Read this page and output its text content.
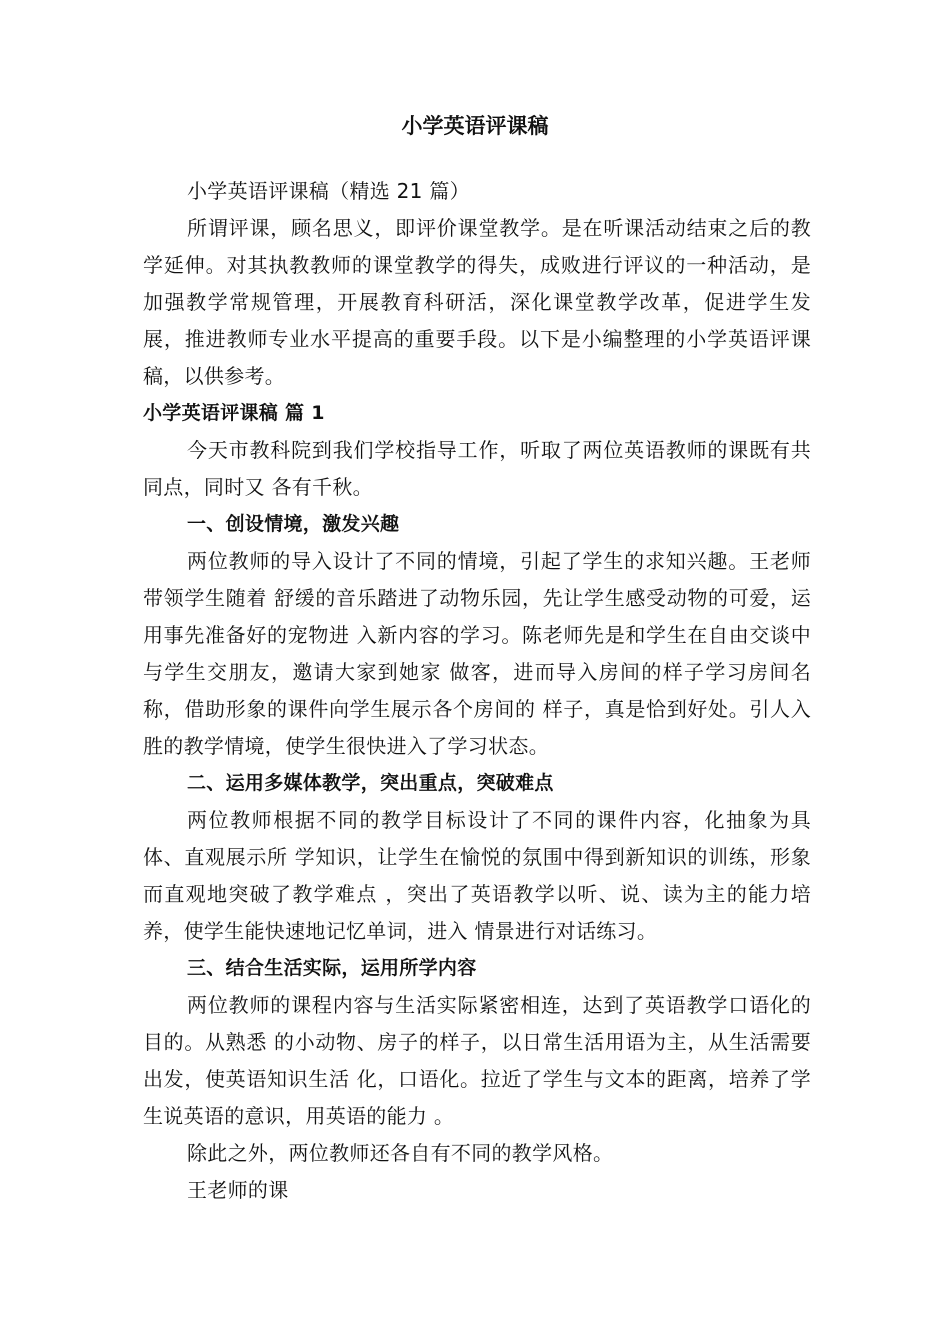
小学英语评课稿

小学英语评课稿（精选 21 篇）

所谓评课，顾名思义，即评价课堂教学。是在听课活动结束之后的教学延伸。对其执教教师的课堂教学的得失，成败进行评议的一种活动，是加强教学常规管理，开展教育科研活，深化课堂教学改革，促进学生发展，推进教师专业水平提高的重要手段。以下是小编整理的小学英语评课稿，以供参考。

小学英语评课稿 篇 1

今天市教科院到我们学校指导工作，听取了两位英语教师的课既有共同点，同时又 各有千秋。

一、创设情境，激发兴趣

两位教师的导入设计了不同的情境，引起了学生的求知兴趣。王老师带领学生随着 舒缓的音乐踏进了动物乐园，先让学生感受动物的可爱，运用事先准备好的宠物进 入新内容的学习。陈老师先是和学生在自由交谈中与学生交朋友，邀请大家到她家 做客，进而导入房间的样子学习房间名称，借助形象的课件向学生展示各个房间的 样子，真是恰到好处。引人入胜的教学情境，使学生很快进入了学习状态。

二、运用多媒体教学，突出重点，突破难点

两位教师根据不同的教学目标设计了不同的课件内容，化抽象为具体、直观展示所 学知识，让学生在愉悦的氛围中得到新知识的训练，形象而直观地突破了教学难点 ，突出了英语教学以听、说、读为主的能力培养，使学生能快速地记忆单词，进入 情景进行对话练习。

三、结合生活实际，运用所学内容

两位教师的课程内容与生活实际紧密相连，达到了英语教学口语化的目的。从熟悉 的小动物、房子的样子，以日常生活用语为主，从生活需要出发，使英语知识生活 化，口语化。拉近了学生与文本的距离，培养了学生说英语的意识，用英语的能力 。

除此之外，两位教师还各自有不同的教学风格。

王老师的课
